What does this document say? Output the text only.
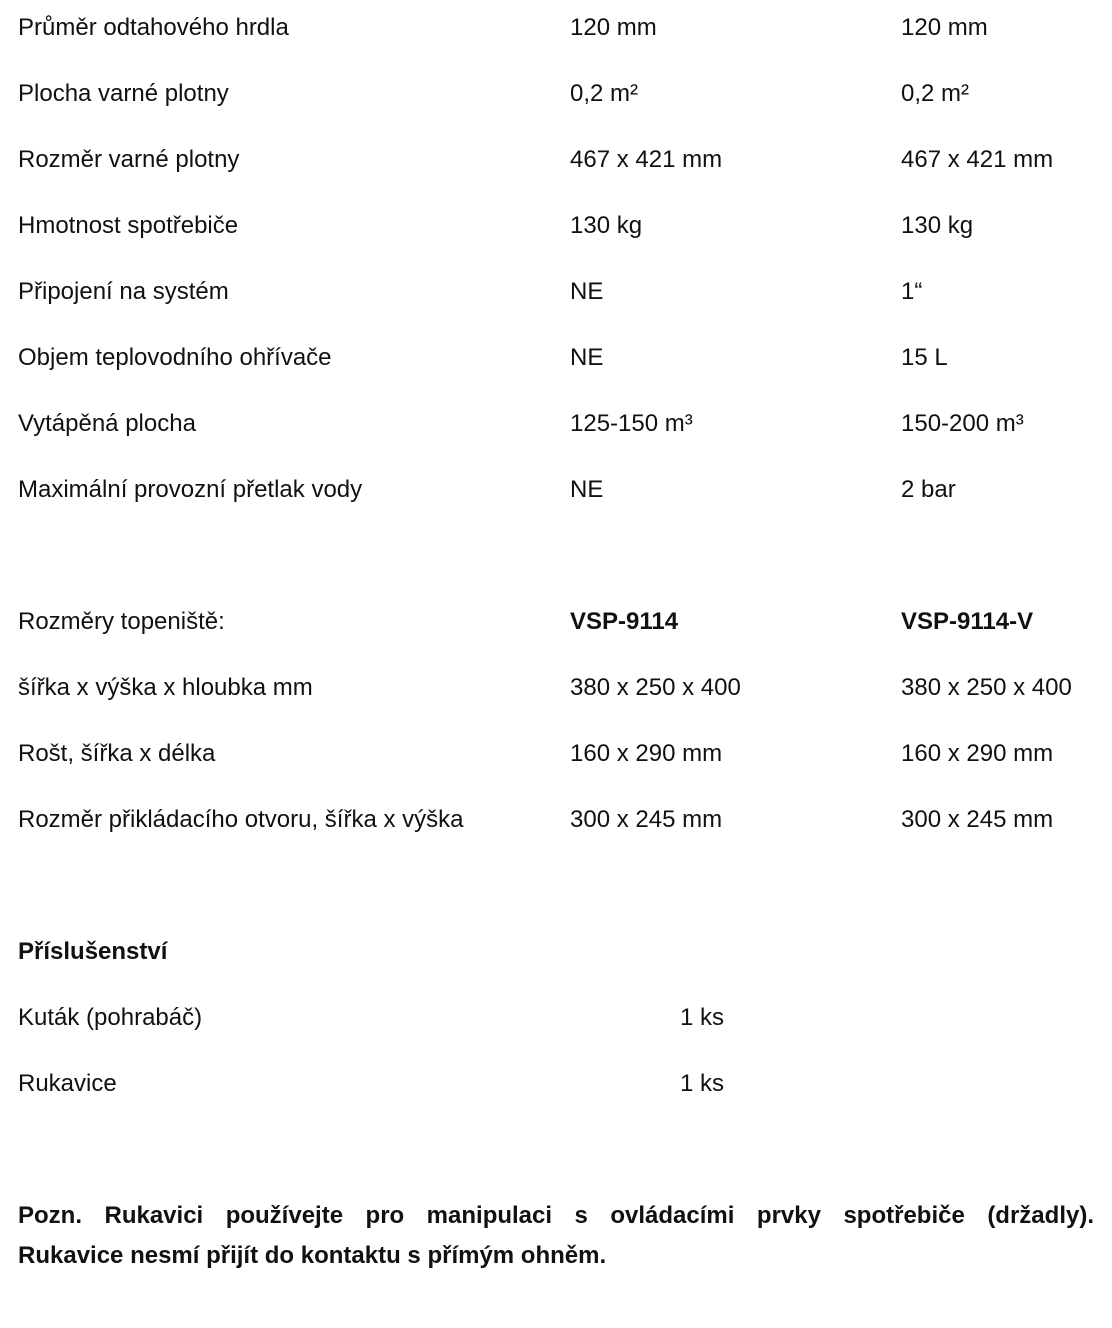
Průměr odtahového hrdla	120 mm	120 mm
Plocha varné plotny	0,2 m²	0,2 m²
Rozměr varné plotny	467 x 421 mm	467 x 421 mm
Hmotnost spotřebiče	130 kg	130 kg
Připojení na systém	NE	1“
Objem teplovodního ohřívače	NE	15 L
Vytápěná plocha	125-150 m³	150-200 m³
Maximální provozní přetlak vody	NE	2 bar
Rozměry topeniště:	VSP-9114	VSP-9114-V
šířka x výška x hloubka mm	380 x 250 x 400	380 x 250 x 400
Rošt, šířka x délka	160 x 290 mm	160 x 290 mm
Rozměr přikládacího otvoru, šířka x výška	300 x 245 mm	300 x 245 mm
Příslušenství
Kuták (pohrabáč)	1 ks
Rukavice	1 ks
Pozn. Rukavici používejte pro manipulaci s ovládacími prvky spotřebiče (držadly).
Rukavice nesmí přijít do kontaktu s přímým ohněm.
